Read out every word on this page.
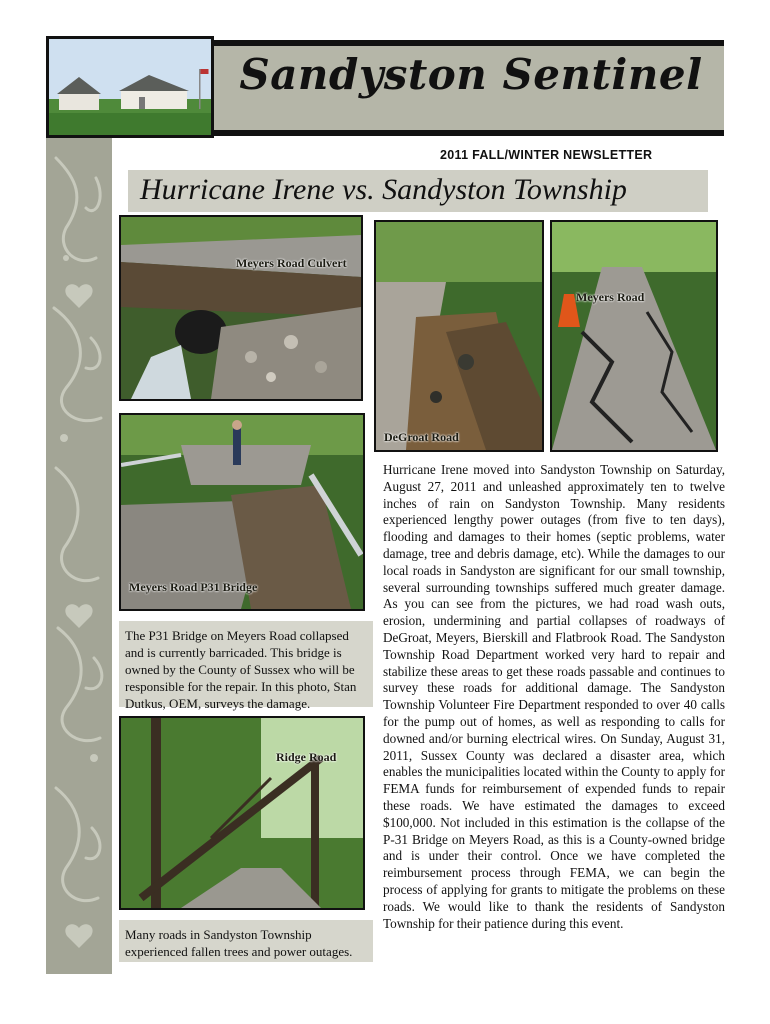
Sandyston Sentinel
2011 FALL/WINTER NEWSLETTER
Hurricane Irene vs. Sandyston Township
Meyers Road Culvert
DeGroat Road
Meyers Road
Meyers Road P31 Bridge
The P31 Bridge on Meyers Road collapsed and is currently barricaded. This bridge is owned by the County of Sussex who will be responsible for the repair. In this photo, Stan Dutkus, OEM, surveys the damage.
Ridge Road
Many roads in Sandyston Township experienced fallen trees and power outages.
Hurricane Irene moved into Sandyston Township on Saturday, August 27, 2011 and unleashed approximately ten to twelve inches of rain on Sandyston Township. Many residents experienced lengthy power outages (from five to ten days), flooding and damages to their homes (septic problems, water damage, tree and debris damage, etc). While the damages to our local roads in Sandyston are significant for our small township, several surrounding townships suffered much greater damage. As you can see from the pictures, we had road wash outs, erosion, undermining and partial collapses of roadways of DeGroat, Meyers, Bierskill and Flatbrook Road. The Sandyston Township Road Department worked very hard to repair and stabilize these areas to get these roads passable and continues to survey these roads for additional damage. The Sandyston Township Volunteer Fire Department responded to over 40 calls for the pump out of homes, as well as responding to calls for downed and/or burning electrical wires. On Sunday, August 31, 2011, Sussex County was declared a disaster area, which enables the municipalities located within the County to apply for FEMA funds for reimbursement of expended funds to repair these roads. We have estimated the damages to exceed $100,000. Not included in this estimation is the collapse of the P-31 Bridge on Meyers Road, as this is a County-owned bridge and is under their control. Once we have completed the reimbursement process through FEMA, we can begin the process of applying for grants to mitigate the problems on these roads. We would like to thank the residents of Sandyston Township for their patience during this event.
